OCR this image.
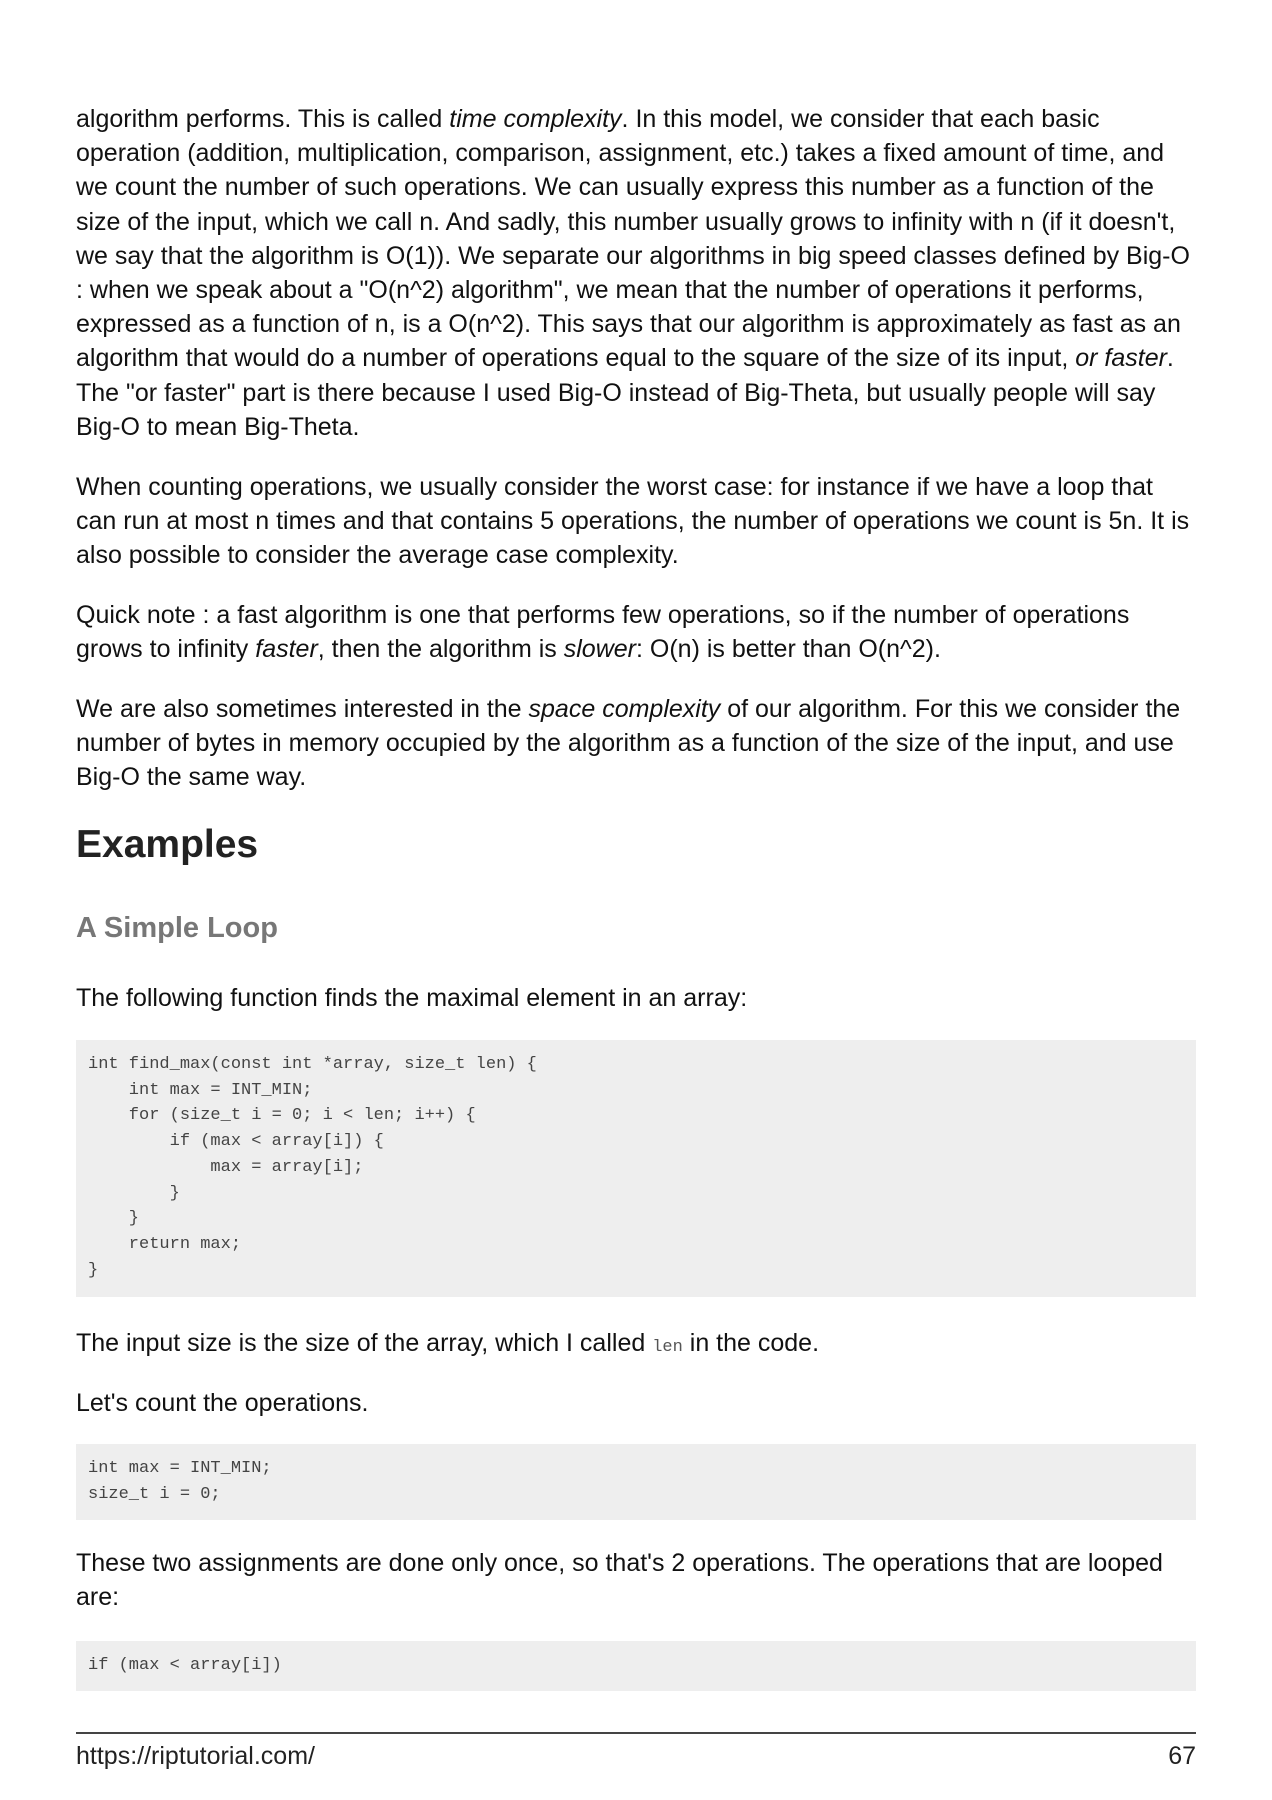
algorithm performs. This is called time complexity. In this model, we consider that each basic operation (addition, multiplication, comparison, assignment, etc.) takes a fixed amount of time, and we count the number of such operations. We can usually express this number as a function of the size of the input, which we call n. And sadly, this number usually grows to infinity with n (if it doesn't, we say that the algorithm is O(1)). We separate our algorithms in big speed classes defined by Big-O : when we speak about a "O(n^2) algorithm", we mean that the number of operations it performs, expressed as a function of n, is a O(n^2). This says that our algorithm is approximately as fast as an algorithm that would do a number of operations equal to the square of the size of its input, or faster. The "or faster" part is there because I used Big-O instead of Big-Theta, but usually people will say Big-O to mean Big-Theta.

When counting operations, we usually consider the worst case: for instance if we have a loop that can run at most n times and that contains 5 operations, the number of operations we count is 5n. It is also possible to consider the average case complexity.

Quick note : a fast algorithm is one that performs few operations, so if the number of operations grows to infinity faster, then the algorithm is slower: O(n) is better than O(n^2).

We are also sometimes interested in the space complexity of our algorithm. For this we consider the number of bytes in memory occupied by the algorithm as a function of the size of the input, and use Big-O the same way.

Examples
A Simple Loop

The following function finds the maximal element in an array:

int find_max(const int *array, size_t len) {
int max = INT_MIN;
for (size_t i = 0; i < len; i++) {
if (max < array[i]) {
max = array[i];
}
}
return max;
}

The input size is the size of the array, which I called len in the code.

Let's count the operations.

int max = INT_MIN;
size_t i = 0;

These two assignments are done only once, so that's 2 operations. The operations that are looped are:

if (max < array[i])
https://riptutorial.com/	67
